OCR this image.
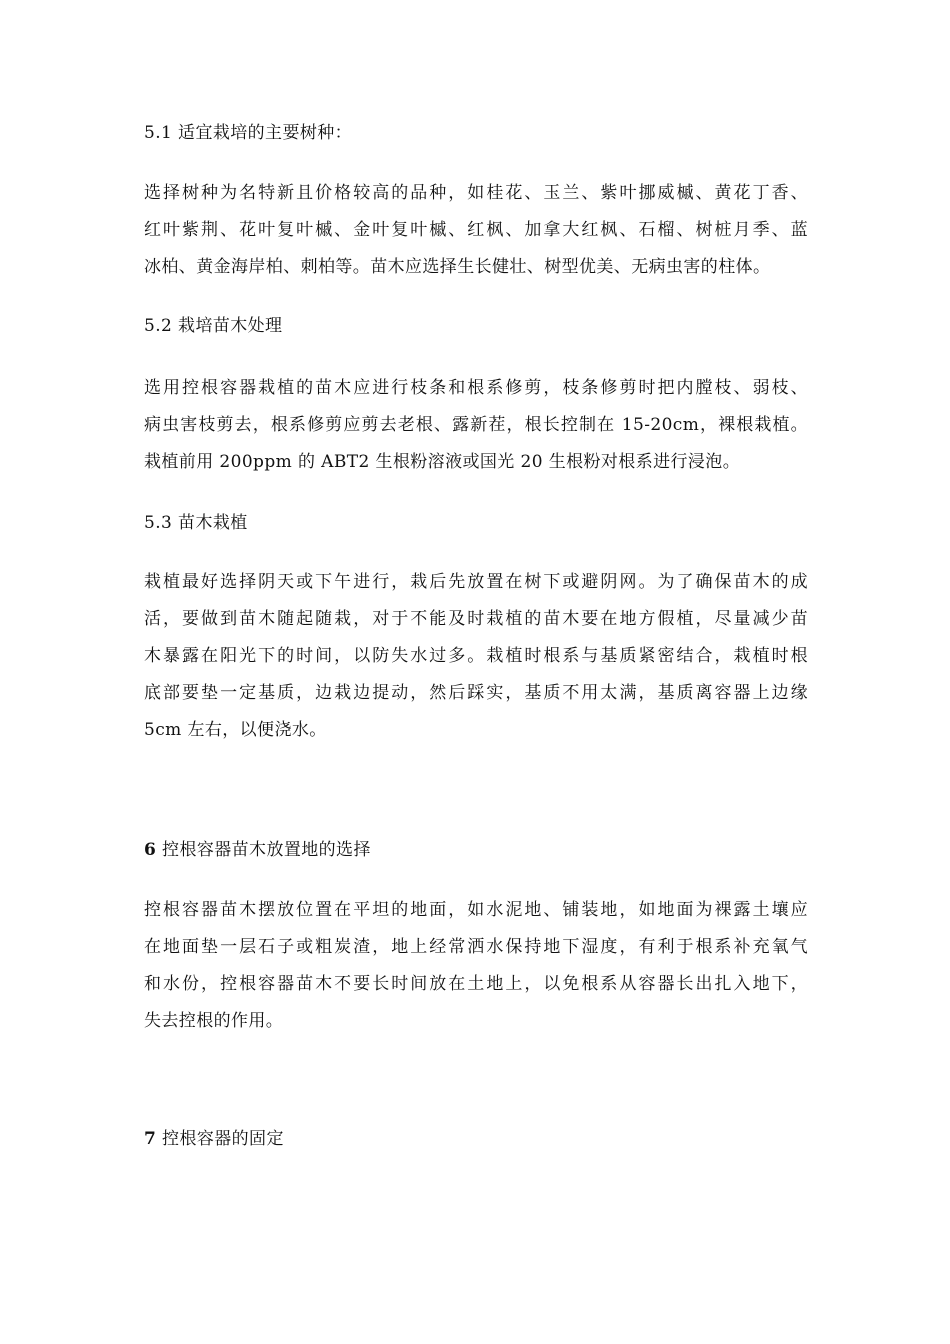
5.1 适宜栽培的主要树种：
选择树种为名特新且价格较高的品种，如桂花、玉兰、紫叶挪威槭、黄花丁香、
红叶紫荆、花叶复叶槭、金叶复叶槭、红枫、加拿大红枫、石榴、树桩月季、蓝
冰柏、黄金海岸柏、刺柏等。苗木应选择生长健壮、树型优美、无病虫害的柱体。
5.2 栽培苗木处理
选用控根容器栽植的苗木应进行枝条和根系修剪，枝条修剪时把内膛枝、弱枝、
病虫害枝剪去，根系修剪应剪去老根、露新茬，根长控制在 15-20cm，裸根栽植。
栽植前用 200ppm 的 ABT2 生根粉溶液或国光 20 生根粉对根系进行浸泡。
5.3 苗木栽植
栽植最好选择阴天或下午进行，栽后先放置在树下或避阴网。为了确保苗木的成
活，要做到苗木随起随栽，对于不能及时栽植的苗木要在地方假植，尽量减少苗
木暴露在阳光下的时间，以防失水过多。栽植时根系与基质紧密结合，栽植时根
底部要垫一定基质，边栽边提动，然后踩实，基质不用太满，基质离容器上边缘
5cm 左右，以便浇水。
6 控根容器苗木放置地的选择
控根容器苗木摆放位置在平坦的地面，如水泥地、铺装地，如地面为裸露土壤应
在地面垫一层石子或粗炭渣，地上经常洒水保持地下湿度，有利于根系补充氧气
和水份，控根容器苗木不要长时间放在土地上，以免根系从容器长出扎入地下，
失去控根的作用。
7 控根容器的固定
